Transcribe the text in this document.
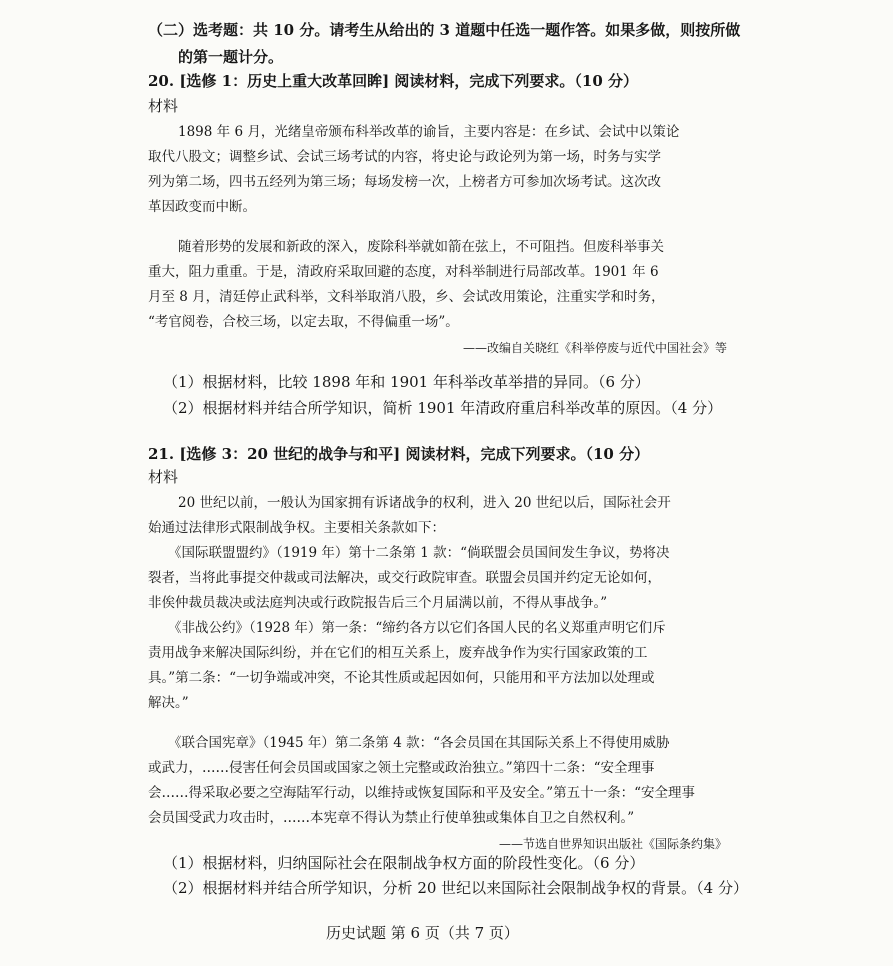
（二）选考题：共 10 分。请考生从给出的 3 道题中任选一题作答。如果多做，则按所做
的第一题计分。
20. [选修 1：历史上重大改革回眸] 阅读材料，完成下列要求。（10 分）
材料
1898 年 6 月，光绪皇帝颁布科举改革的谕旨，主要内容是：在乡试、会试中以策论
取代八股文；调整乡试、会试三场考试的内容，将史论与政论列为第一场，时务与实学
列为第二场，四书五经列为第三场；每场发榜一次，上榜者方可参加次场考试。这次改
革因政变而中断。
随着形势的发展和新政的深入，废除科举就如箭在弦上，不可阻挡。但废科举事关
重大，阻力重重。于是，清政府采取回避的态度，对科举制进行局部改革。1901 年 6
月至 8 月，清廷停止武科举，文科举取消八股，乡、会试改用策论，注重实学和时务，
“考官阅卷，合校三场，以定去取，不得偏重一场”。
——改编自关晓红《科举停废与近代中国社会》等
（1）根据材料，比较 1898 年和 1901 年科举改革举措的异同。（6 分）
（2）根据材料并结合所学知识，简析 1901 年清政府重启科举改革的原因。（4 分）
21. [选修 3：20 世纪的战争与和平] 阅读材料，完成下列要求。（10 分）
材料
20 世纪以前，一般认为国家拥有诉诸战争的权利，进入 20 世纪以后，国际社会开
始通过法律形式限制战争权。主要相关条款如下：
《国际联盟盟约》（1919 年）第十二条第 1 款：“倘联盟会员国间发生争议，势将决
裂者，当将此事提交仲裁或司法解决，或交行政院审查。联盟会员国并约定无论如何，
非俟仲裁员裁决或法庭判决或行政院报告后三个月届满以前，不得从事战争。”
《非战公约》（1928 年）第一条：“缔约各方以它们各国人民的名义郑重声明它们斥
责用战争来解决国际纠纷，并在它们的相互关系上，废弃战争作为实行国家政策的工
具。”第二条：“一切争端或冲突，不论其性质或起因如何，只能用和平方法加以处理或
解决。”
《联合国宪章》（1945 年）第二条第 4 款：“各会员国在其国际关系上不得使用威胁
或武力，……侵害任何会员国或国家之领土完整或政治独立。”第四十二条：“安全理事
会……得采取必要之空海陆军行动，以维持或恢复国际和平及安全。”第五十一条：“安全理事
会员国受武力攻击时，……本宪章不得认为禁止行使单独或集体自卫之自然权利。”
——节选自世界知识出版社《国际条约集》
（1）根据材料，归纳国际社会在限制战争权方面的阶段性变化。（6 分）
（2）根据材料并结合所学知识，分析 20 世纪以来国际社会限制战争权的背景。（4 分）
历史试题 第 6 页（共 7 页）
